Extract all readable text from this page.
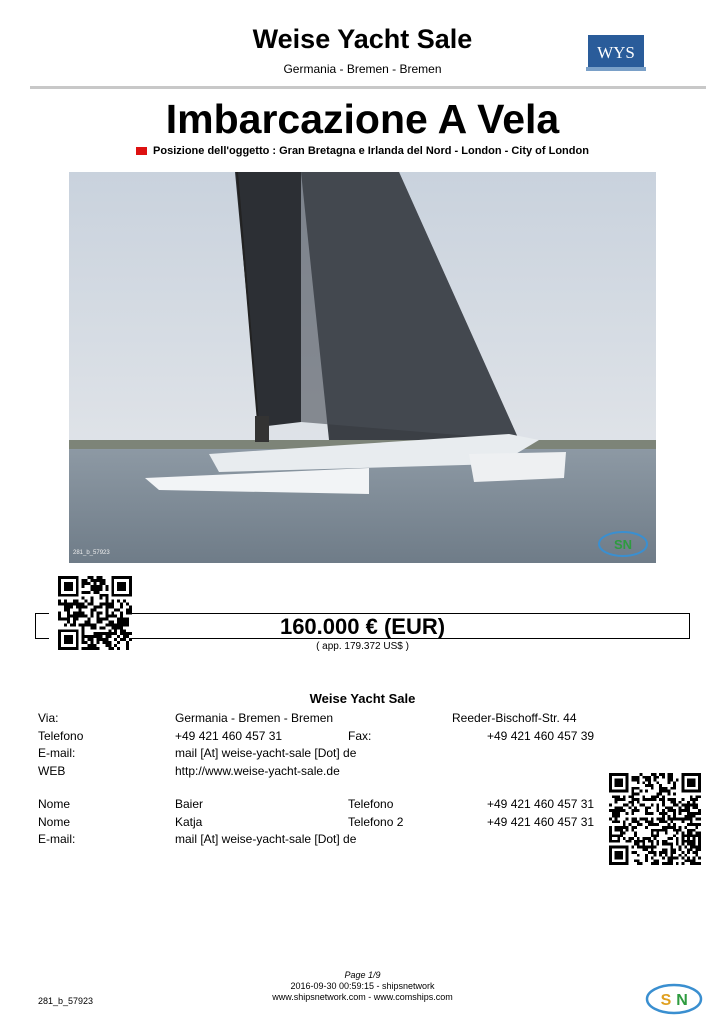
Weise Yacht Sale
Germania - Bremen - Bremen
WYS
Imbarcazione A Vela
Posizione dell'oggetto : Gran Bretagna e Irlanda del Nord - London - City of London
281_b_57923
SN
160.000 € (EUR)
( app. 179.372 US$ )
Weise Yacht Sale
Via:	Germania - Bremen - Bremen	Reeder-Bischoff-Str. 44
Telefono	+49 421 460 457 31	Fax:	+49 421 460 457 39
E-mail:	mail [At] weise-yacht-sale [Dot] de
WEB	http://www.weise-yacht-sale.de
Nome	Baier	Telefono	+49 421 460 457 31
Nome	Katja	Telefono 2	+49 421 460 457 31
E-mail:	mail [At] weise-yacht-sale [Dot] de
Page 1/9
2016-09-30 00:59:15 - shipsnetwork
www.shipsnetwork.com - www.comships.com
281_b_57923	S N
